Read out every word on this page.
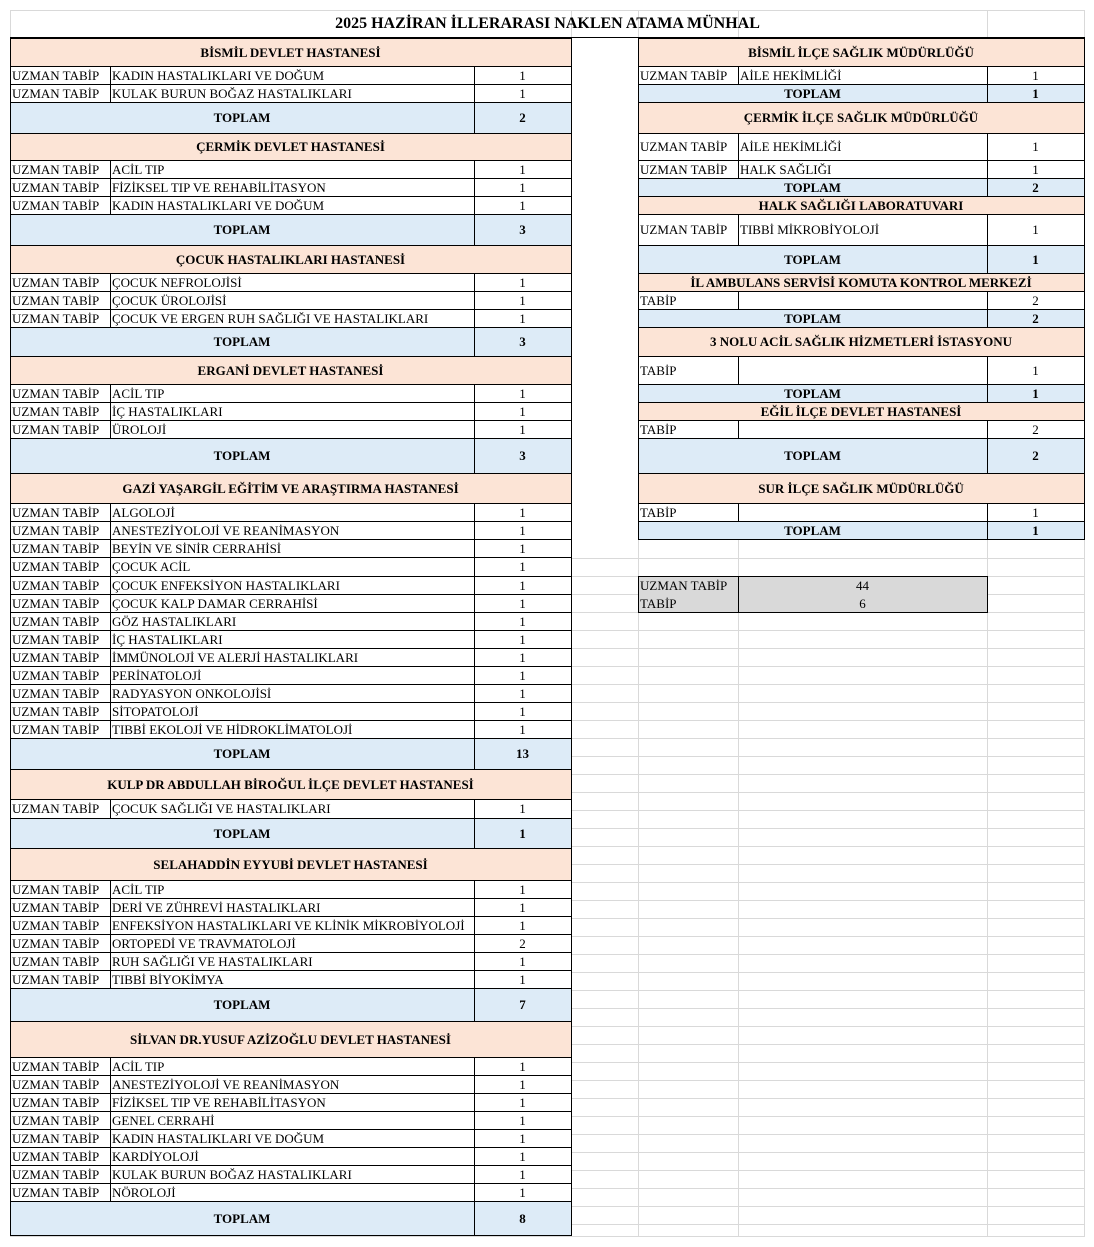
2025 HAZİRAN İLLERARASI NAKLEN ATAMA MÜNHAL
BİSMİL DEVLET HASTANESİ
UZMAN TABİP KADIN HASTALIKLARI VE DOĞUM	1
UZMAN TABİP KULAK BURUN BOĞAZ HASTALIKLARI	1
TOPLAM	2
ÇERMİK DEVLET HASTANESİ
UZMAN TABİP ACİL TIP	1
UZMAN TABİP FİZİKSEL TIP VE REHABİLİTASYON	1
UZMAN TABİP KADIN HASTALIKLARI VE DOĞUM	1
TOPLAM	3
ÇOCUK HASTALIKLARI HASTANESİ
UZMAN TABİP ÇOCUK NEFROLOJİSİ	1
UZMAN TABİP ÇOCUK ÜROLOJİSİ	1
UZMAN TABİP ÇOCUK VE ERGEN RUH SAĞLIĞI VE HASTALIKLARI	1
TOPLAM	3
ERGANİ DEVLET HASTANESİ
UZMAN TABİP ACİL TIP	1
UZMAN TABİP İÇ HASTALIKLARI	1
UZMAN TABİP ÜROLOJİ	1
TOPLAM	3
GAZİ YAŞARGİL EĞİTİM VE ARAŞTIRMA HASTANESİ
UZMAN TABİP ALGOLOJİ	1
UZMAN TABİP ANESTEZİYOLOJİ VE REANİMASYON	1
UZMAN TABİP BEYİN VE SİNİR CERRAHİSİ	1
UZMAN TABİP ÇOCUK ACİL	1
UZMAN TABİP ÇOCUK ENFEKSİYON HASTALIKLARI	1
UZMAN TABİP ÇOCUK KALP DAMAR CERRAHİSİ	1
UZMAN TABİP GÖZ HASTALIKLARI	1
UZMAN TABİP İÇ HASTALIKLARI	1
UZMAN TABİP İMMÜNOLOJİ VE ALERJİ HASTALIKLARI	1
UZMAN TABİP PERİNATOLOJİ	1
UZMAN TABİP RADYASYON ONKOLOJİSİ	1
UZMAN TABİP SİTOPATOLOJİ	1
UZMAN TABİP TIBBİ EKOLOJİ VE HİDROKLİMATOLOJİ	1
TOPLAM	13
KULP DR ABDULLAH BİROĞUL İLÇE DEVLET HASTANESİ
UZMAN TABİP ÇOCUK SAĞLIĞI VE HASTALIKLARI	1
TOPLAM	1
SELAHADDİN EYYUBİ DEVLET HASTANESİ
UZMAN TABİP ACİL TIP	1
UZMAN TABİP DERİ VE ZÜHREVİ HASTALIKLARI	1
UZMAN TABİP ENFEKSİYON HASTALIKLARI VE KLİNİK MİKROBİYOLOJİ	1
UZMAN TABİP ORTOPEDİ VE TRAVMATOLOJİ	2
UZMAN TABİP RUH SAĞLIĞI VE HASTALIKLARI	1
UZMAN TABİP TIBBİ BİYOKİMYA	1
TOPLAM	7
SİLVAN DR.YUSUF AZİZOĞLU DEVLET HASTANESİ
UZMAN TABİP ACİL TIP	1
UZMAN TABİP ANESTEZİYOLOJİ VE REANİMASYON	1
UZMAN TABİP FİZİKSEL TIP VE REHABİLİTASYON	1
UZMAN TABİP GENEL CERRAHİ	1
UZMAN TABİP KADIN HASTALIKLARI VE DOĞUM	1
UZMAN TABİP KARDİYOLOJİ	1
UZMAN TABİP KULAK BURUN BOĞAZ HASTALIKLARI	1
UZMAN TABİP NÖROLOJİ	1
TOPLAM	8
BİSMİL İLÇE SAĞLIK MÜDÜRLÜĞÜ
UZMAN TABİP AİLE HEKİMLİĞİ	1
TOPLAM	1
ÇERMİK İLÇE SAĞLIK MÜDÜRLÜĞÜ
UZMAN TABİP AİLE HEKİMLİĞİ	1
UZMAN TABİP HALK SAĞLIĞI	1
TOPLAM	2
HALK SAĞLIĞI LABORATUVARI
UZMAN TABİP TIBBİ MİKROBİYOLOJİ	1
TOPLAM	1
İL AMBULANS SERVİSİ KOMUTA KONTROL MERKEZİ
TABİP	2
TOPLAM	2
3 NOLU ACİL SAĞLIK HİZMETLERİ İSTASYONU
TABİP	1
TOPLAM	1
EĞİL İLÇE DEVLET HASTANESİ
TABİP	2
TOPLAM	2
SUR İLÇE SAĞLIK MÜDÜRLÜĞÜ
TABİP	1
TOPLAM	1
UZMAN TABİP	44
TABİP	6
